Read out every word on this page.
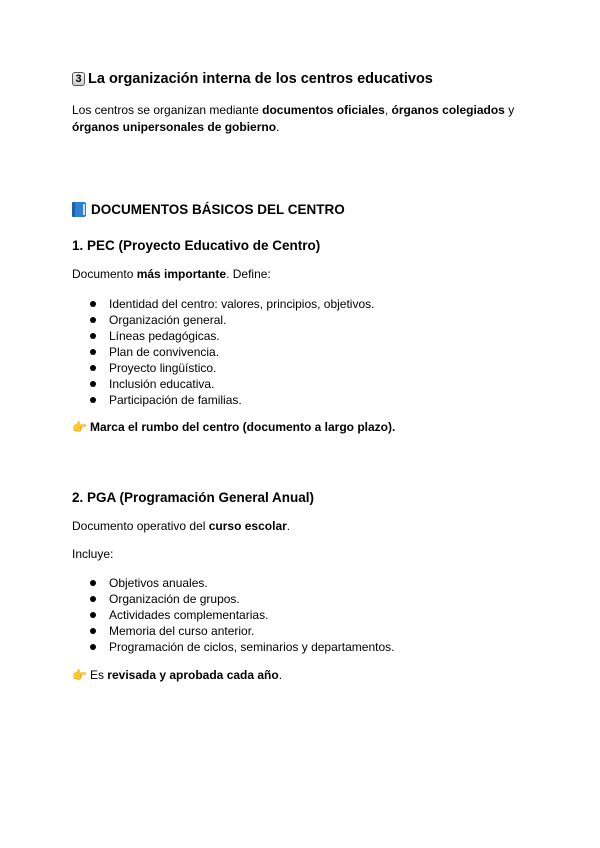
3 La organización interna de los centros educativos
Los centros se organizan mediante documentos oficiales, órganos colegiados y órganos unipersonales de gobierno.
DOCUMENTOS BÁSICOS DEL CENTRO
1. PEC (Proyecto Educativo de Centro)
Documento más importante. Define:
Identidad del centro: valores, principios, objetivos.
Organización general.
Líneas pedagógicas.
Plan de convivencia.
Proyecto lingüístico.
Inclusión educativa.
Participación de familias.
👉 Marca el rumbo del centro (documento a largo plazo).
2. PGA (Programación General Anual)
Documento operativo del curso escolar.
Incluye:
Objetivos anuales.
Organización de grupos.
Actividades complementarias.
Memoria del curso anterior.
Programación de ciclos, seminarios y departamentos.
👉 Es revisada y aprobada cada año.
